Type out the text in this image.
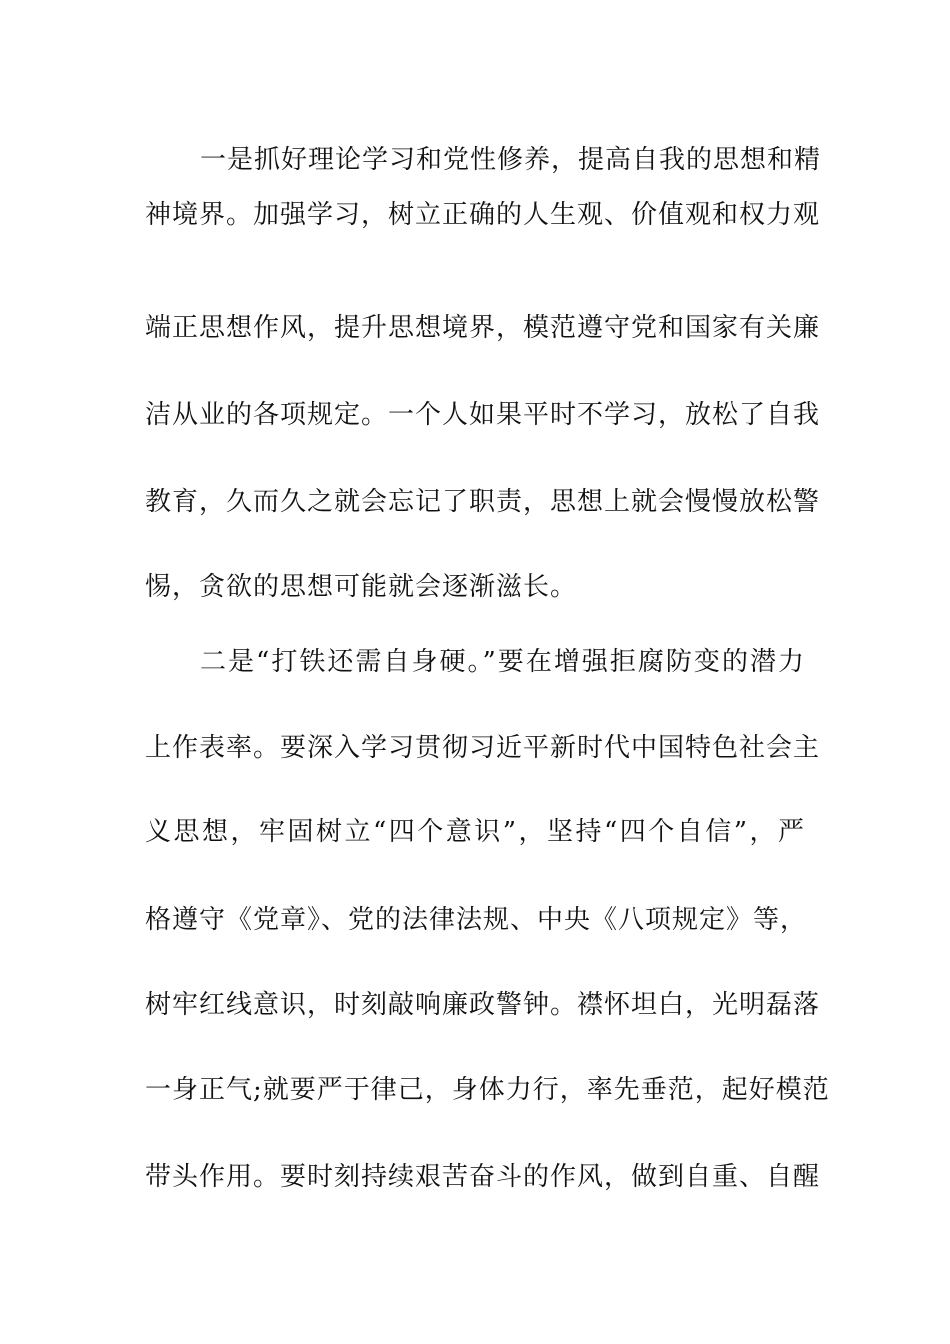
一是抓好理论学习和党性修养，提高自我的思想和精
神境界。加强学习，树立正确的人生观、价值观和权力观
端正思想作风，提升思想境界，模范遵守党和国家有关廉
洁从业的各项规定。一个人如果平时不学习，放松了自我
教育，久而久之就会忘记了职责，思想上就会慢慢放松警
惕，贪欲的思想可能就会逐渐滋长。
二是“打铁还需自身硬。”要在增强拒腐防变的潜力
上作表率。要深入学习贯彻习近平新时代中国特色社会主
义思想，牢固树立“四个意识”，坚持“四个自信”，严
格遵守《党章》、党的法律法规、中央《八项规定》等，
树牢红线意识，时刻敲响廉政警钟。襟怀坦白，光明磊落
一身正气;就要严于律己，身体力行，率先垂范，起好模范
带头作用。要时刻持续艰苦奋斗的作风，做到自重、自醒
